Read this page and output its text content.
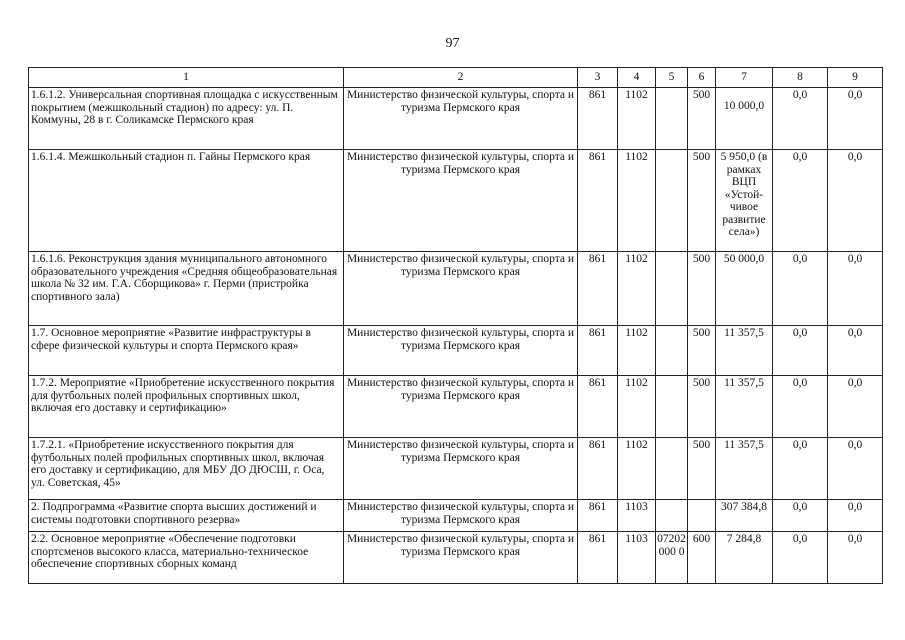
97
1	2	3	4	5	6	7	8	9
1.6.1.2. Универсальная спортивная площадка с искусственным покрытием (межшкольный стадион) по адресу: ул. П. Коммуны, 28 в г. Соликамске Пермского края	Министерство физической культуры, спорта и туризма Пермского края	861	1102		500	10 000,0	0,0	0,0
1.6.1.4. Межшкольный стадион п. Гайны Пермского края	Министерство физической культуры, спорта и туризма Пермского края	861	1102		500	5 950,0 (в рамках ВЦП «Устой-чивое развитие села»)	0,0	0,0
1.6.1.6. Реконструкция здания муниципального автономного образовательного учреждения «Средняя общеобразовательная школа № 32 им. Г.А. Сборщикова» г. Перми (пристройка спортивного зала)	Министерство физической культуры, спорта и туризма Пермского края	861	1102		500	50 000,0	0,0	0,0
1.7. Основное мероприятие «Развитие инфраструктуры в сфере физической культуры и спорта Пермского края»	Министерство физической культуры, спорта и туризма Пермского края	861	1102		500	11 357,5	0,0	0,0
1.7.2. Мероприятие «Приобретение искусственного покрытия для футбольных полей профильных спортивных школ, включая его доставку и сертификацию»	Министерство физической культуры, спорта и туризма Пермского края	861	1102		500	11 357,5	0,0	0,0
1.7.2.1. «Приобретение искусственного покрытия для футбольных полей профильных спортивных школ, включая его доставку и сертификацию, для МБУ ДО ДЮСШ, г. Оса, ул. Советская, 45»	Министерство физической культуры, спорта и туризма Пермского края	861	1102		500	11 357,5	0,0	0,0
2. Подпрограмма «Развитие спорта высших достижений и системы подготовки спортивного резерва»	Министерство физической культуры, спорта и туризма Пермского края	861	1103			307 384,8	0,0	0,0
2.2. Основное мероприятие «Обеспечение подготовки спортсменов высокого класса, материально-техническое обеспечение спортивных сборных команд	Министерство физической культуры, спорта и туризма Пермского края	861	1103	07202000 0	600	7 284,8	0,0	0,0
